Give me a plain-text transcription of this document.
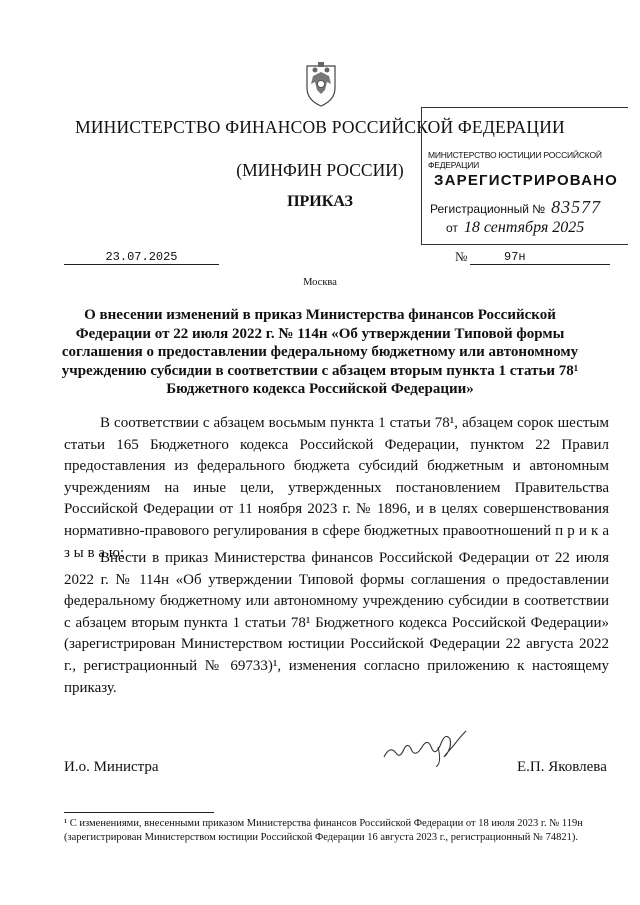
МИНИСТЕРСТВО ФИНАНСОВ РОССИЙСКОЙ ФЕДЕРАЦИИ
(МИНФИН РОССИИ)
ПРИКАЗ
МИНИСТЕРСТВО ЮСТИЦИИ РОССИЙСКОЙ ФЕДЕРАЦИИ
ЗАРЕГИСТРИРОВАНО
Регистрационный № 83577
от 18 сентября 2025
23.07.2025	№	97н
Москва
О внесении изменений в приказ Министерства финансов Российской Федерации от 22 июля 2022 г. № 114н «Об утверждении Типовой формы соглашения о предоставлении федеральному бюджетному или автономному учреждению субсидии в соответствии с абзацем вторым пункта 1 статьи 78¹ Бюджетного кодекса Российской Федерации»
В соответствии с абзацем восьмым пункта 1 статьи 78¹, абзацем сорок шестым статьи 165 Бюджетного кодекса Российской Федерации, пунктом 22 Правил предоставления из федерального бюджета субсидий бюджетным и автономным учреждениям на иные цели, утвержденных постановлением Правительства Российской Федерации от 11 ноября 2023 г. № 1896, и в целях совершенствования нормативно-правового регулирования в сфере бюджетных правоотношений п р и к а з ы в а ю:
Внести в приказ Министерства финансов Российской Федерации от 22 июля 2022 г. № 114н «Об утверждении Типовой формы соглашения о предоставлении федеральному бюджетному или автономному учреждению субсидии в соответствии с абзацем вторым пункта 1 статьи 78¹ Бюджетного кодекса Российской Федерации» (зарегистрирован Министерством юстиции Российской Федерации 22 августа 2022 г., регистрационный № 69733)¹, изменения согласно приложению к настоящему приказу.
И.о. Министра	Е.П. Яковлева
¹ С изменениями, внесенными приказом Министерства финансов Российской Федерации от 18 июля 2023 г. № 119н (зарегистрирован Министерством юстиции Российской Федерации 16 августа 2023 г., регистрационный № 74821).
